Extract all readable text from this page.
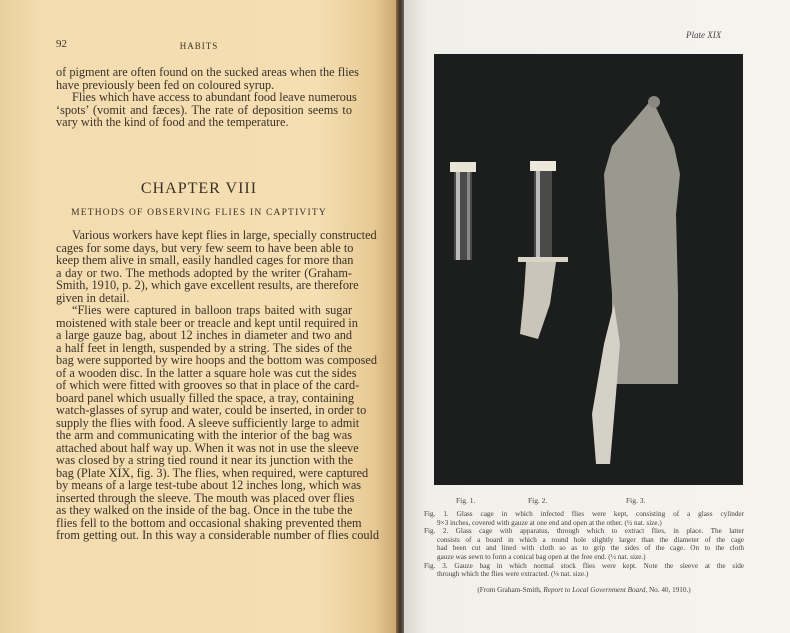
92	HABITS
of pigment are often found on the sucked areas when the flies
have previously been fed on coloured syrup.
Flies which have access to abundant food leave numerous
‘spots’ (vomit and fæces). The rate of deposition seems to
vary with the kind of food and the temperature.
CHAPTER VIII
METHODS OF OBSERVING FLIES IN CAPTIVITY
Various workers have kept flies in large, specially constructed
cages for some days, but very few seem to have been able to
keep them alive in small, easily handled cages for more than
a day or two. The methods adopted by the writer (Graham-
Smith, 1910, p. 2), which gave excellent results, are therefore
given in detail.
“Flies were captured in balloon traps baited with sugar
moistened with stale beer or treacle and kept until required in
a large gauze bag, about 12 inches in diameter and two and
a half feet in length, suspended by a string. The sides of the
bag were supported by wire hoops and the bottom was composed
of a wooden disc. In the latter a square hole was cut the sides
of which were fitted with grooves so that in place of the card-
board panel which usually filled the space, a tray, containing
watch-glasses of syrup and water, could be inserted, in order to
supply the flies with food. A sleeve sufficiently large to admit
the arm and communicating with the interior of the bag was
attached about half way up. When it was not in use the sleeve
was closed by a string tied round it near its junction with the
bag (Plate XIX, fig. 3). The flies, when required, were captured
by means of a large test-tube about 12 inches long, which was
inserted through the sleeve. The mouth was placed over flies
as they walked on the inside of the bag. Once in the tube the
flies fell to the bottom and occasional shaking prevented them
from getting out. In this way a considerable number of flies could
Plate XIX
Fig. 1.	Fig. 2.	Fig. 3.
Fig. 1. Glass cage in which infected flies were kept, consisting of a glass cylinder
9×3 inches, covered with gauze at one end and open at the other. (½ nat. size.)
Fig. 2. Glass cage with apparatus, through which to extract flies, in place. The latter
consists of a board in which a round hole slightly larger than the diameter of the cage
had been cut and lined with cloth so as to grip the sides of the cage. On to the cloth
gauze was sewn to form a conical bag open at the free end. (½ nat. size.)
Fig. 3. Gauze bag in which normal stock flies were kept. Note the sleeve at the side
through which the flies were extracted. (⅛ nat. size.)
(From Graham-Smith, Report to Local Government Board, No. 40, 1910.)
